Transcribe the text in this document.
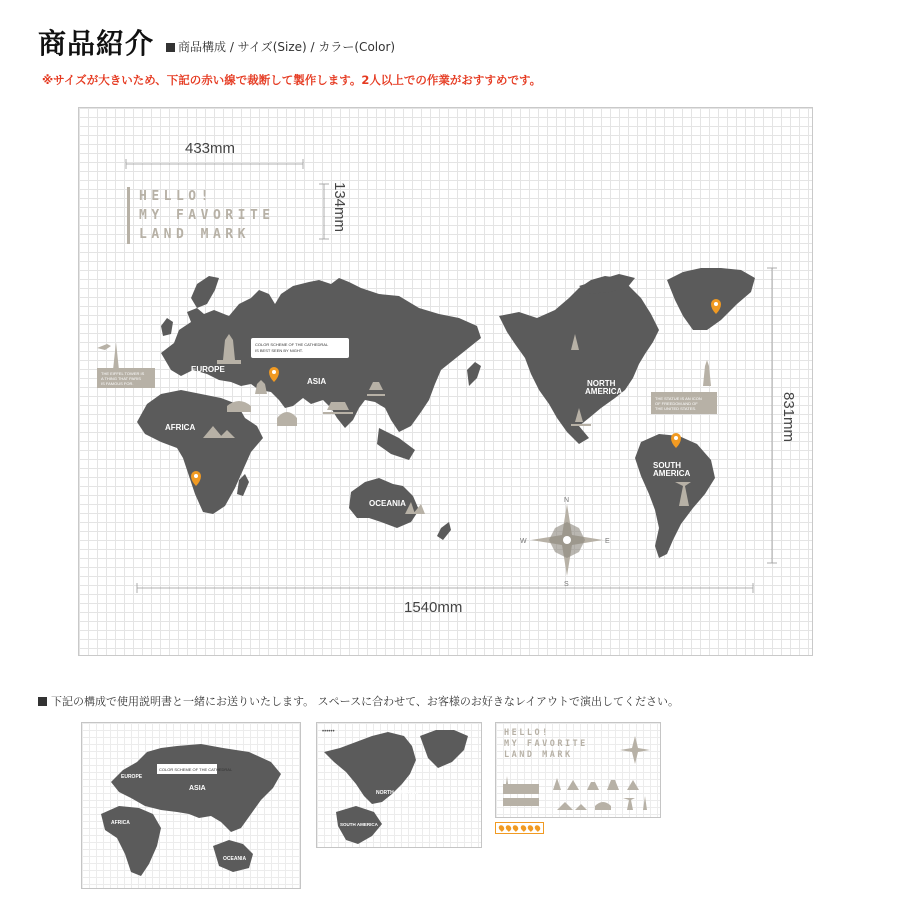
商品紹介	商品構成 / サイズ(Size) / カラー(Color)
※サイズが大きいため、下記の赤い線で裁断して製作します。2人以上での作業がおすすめです。
433mm
134mm
831mm
1540mm
HELLO!
MY FAVORITE
LAND MARK
COLOR SCHEME OF THE CATHEDRAL
IS BEST SEEN BY NIGHT.
THE EIFFEL TOWER IS
A THING THAT PARIS
IS FAMOUS FOR.
THE STATUE IS AN ICON
OF FREEDOM AND OF
THE UNITED STATES.
EUROPE
ASIA
AFRICA
OCEANIA
NORTH
AMERICA
SOUTH
AMERICA
N
S
E
W
下記の構成で使用説明書と一緒にお送りいたします。 スペースに合わせて、お客様のお好きなレイアウトで演出してください。
COLOR SCHEME OF THE CATHEDRAL
EUROPE
ASIA
AFRICA
OCEANIA
••••••
NORTH AMERICA
SOUTH AMERICA
HELLO!
MY FAVORITE
LAND MARK
